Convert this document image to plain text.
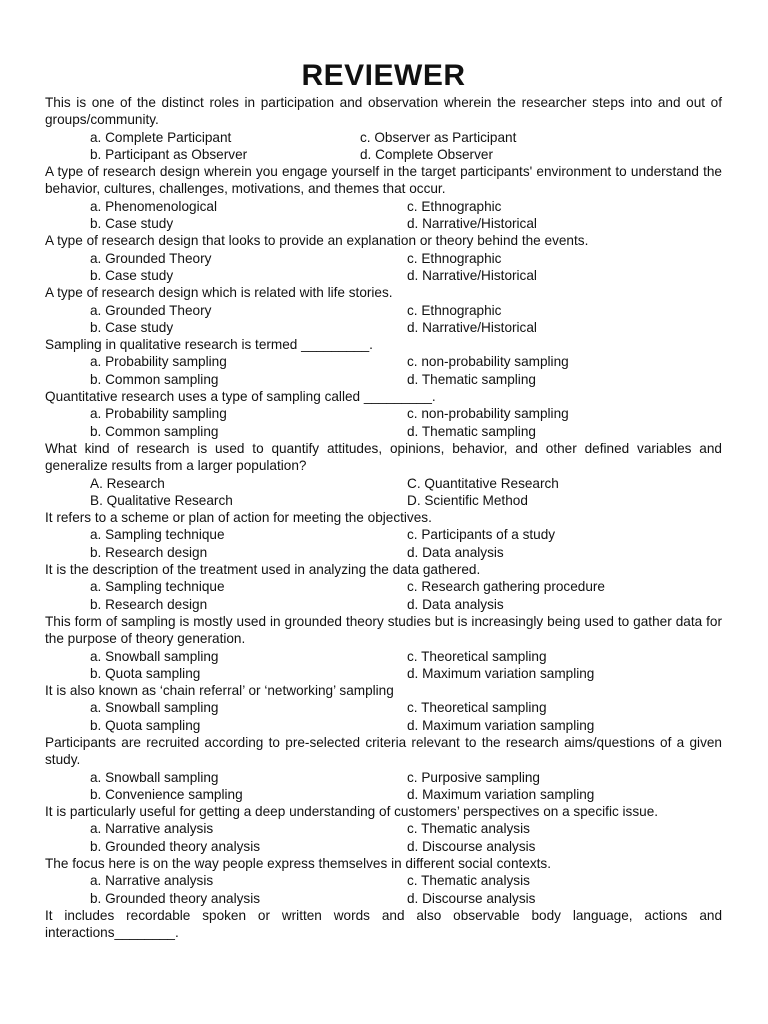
REVIEWER
This is one of the distinct roles in participation and observation wherein the researcher steps into and out of groups/community.
a. Complete Participant	c. Observer as Participant
b. Participant as Observer	d. Complete Observer
A type of research design wherein you engage yourself in the target participants' environment to understand the behavior, cultures, challenges, motivations, and themes that occur.
a. Phenomenological	c. Ethnographic
b. Case study	d. Narrative/Historical
A type of research design that looks to provide an explanation or theory behind the events.
a. Grounded Theory	c. Ethnographic
b. Case study	d. Narrative/Historical
A type of research design which is related with life stories.
a. Grounded Theory	c. Ethnographic
b. Case study	d. Narrative/Historical
Sampling in qualitative research is termed _________.
a. Probability sampling	c. non-probability sampling
b. Common sampling	d. Thematic sampling
Quantitative research uses a type of sampling called _________.
a. Probability sampling	c. non-probability sampling
b. Common sampling	d. Thematic sampling
What kind of research is used to quantify attitudes, opinions, behavior, and other defined variables and generalize results from a larger population?
A. Research	C. Quantitative Research
B. Qualitative Research	D. Scientific Method
It refers to a scheme or plan of action for meeting the objectives.
a. Sampling technique	c. Participants of a study
b. Research design	d. Data analysis
It is the description of the treatment used in analyzing the data gathered.
a. Sampling technique	c. Research gathering procedure
b. Research design	d. Data analysis
This form of sampling is mostly used in grounded theory studies but is increasingly being used to gather data for the purpose of theory generation.
a. Snowball sampling	c. Theoretical sampling
b. Quota sampling	d. Maximum variation sampling
It is also known as ‘chain referral’ or ‘networking’ sampling
a. Snowball sampling	c. Theoretical sampling
b. Quota sampling	d. Maximum variation sampling
Participants are recruited according to pre-selected criteria relevant to the research aims/questions of a given study.
a. Snowball sampling	c. Purposive sampling
b. Convenience sampling	d. Maximum variation sampling
It is particularly useful for getting a deep understanding of customers’ perspectives on a specific issue.
a. Narrative analysis	c. Thematic analysis
b. Grounded theory analysis	d. Discourse analysis
The focus here is on the way people express themselves in different social contexts.
a. Narrative analysis	c. Thematic analysis
b. Grounded theory analysis	d. Discourse analysis
It includes recordable spoken or written words and also observable body language, actions and interactions________.
